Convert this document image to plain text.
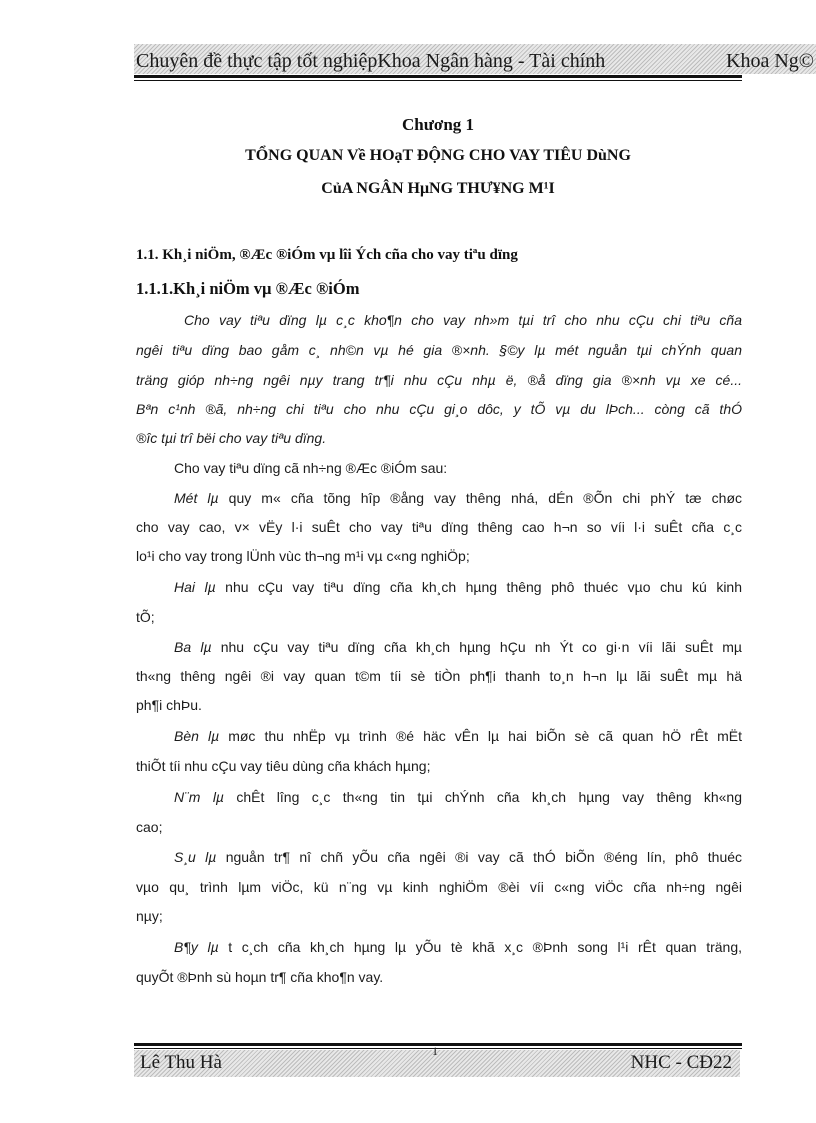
Chuyên đề thực tập tốt nghiệpKhoa Ngân hàng - Tài chính	Khoa Ng©
Chương 1
TỔNG QUAN Về HOạT ĐỘNG CHO VAY TIÊU DùNG
CủA NGÂN HμNG THƯ¥NG M¹I
1.1. Kh¸i niÖm, ®Æc ®iÓm vµ lîi Ých cña cho vay tiªu dïng
1.1.1.Kh¸i niÖm vµ ®Æc ®iÓm
Cho vay tiªu dïng lµ c¸c kho¶n cho vay nh»m tµi trî cho nhu cÇu chi tiªu cña
ngêi tiªu dïng bao gåm c¸ nh©n vµ hé gia ®×nh. §©y lµ mét nguån tµi chÝnh quan
träng gióp nh÷ng ngêi nµy trang tr¶i nhu cÇu nhµ ë, ®å dïng gia ®×nh vµ xe cé...
Bªn c¹nh ®ã, nh÷ng chi tiªu cho nhu cÇu gi¸o dôc, y tÕ vµ du lÞch... còng cã thÓ
®îc tµi trî bëi cho vay tiªu dïng.
Cho vay tiªu dïng cã nh÷ng ®Æc ®iÓm sau:
Mét lµ quy m« cña tõng hîp ®ång vay thêng nhá, dÉn ®Õn chi phÝ tæ chøc
cho vay cao, v× vËy l·i suÊt cho vay tiªu dïng thêng cao h¬n so víi l·i suÊt cña c¸c
lo¹i cho vay trong lÜnh vùc th¬ng m¹i vµ c«ng nghiÖp;
Hai lµ nhu cÇu vay tiªu dïng cña kh¸ch hµng thêng phô thuéc vµo chu kú kinh
tÕ;
Ba lµ nhu cÇu vay tiªu dïng cña kh¸ch hµng hÇu nh Ýt co gi·n víi lãi suÊt mµ
th«ng thêng ngêi ®i vay quan t©m tíi sè tiÒn ph¶i thanh to¸n h¬n lµ lãi suÊt mµ hä
ph¶i chÞu.
Bèn lµ møc thu nhËp vµ trình ®é häc vÊn lµ hai biÕn sè cã quan hÖ rÊt mËt
thiÕt tíi nhu cÇu vay tiêu dùng cña khách hµng;
N¨m lµ chÊt lîng c¸c th«ng tin tµi chÝnh cña kh¸ch hµng vay thêng kh«ng
cao;
S¸u lµ nguån tr¶ nî chñ yÕu cña ngêi ®i vay cã thÓ biÕn ®éng lín, phô thuéc
vµo qu¸ trình lµm viÖc, kü n¨ng vµ kinh nghiÖm ®èi víi c«ng viÖc cña nh÷ng ngêi
nµy;
B¶y lµ t c¸ch cña kh¸ch hµng lµ yÕu tè khã x¸c ®Þnh song l¹i rÊt quan träng,
quyÕt ®Þnh sù hoµn tr¶ cña kho¶n vay.
Lê Thu Hà
1
NHC - CĐ22
